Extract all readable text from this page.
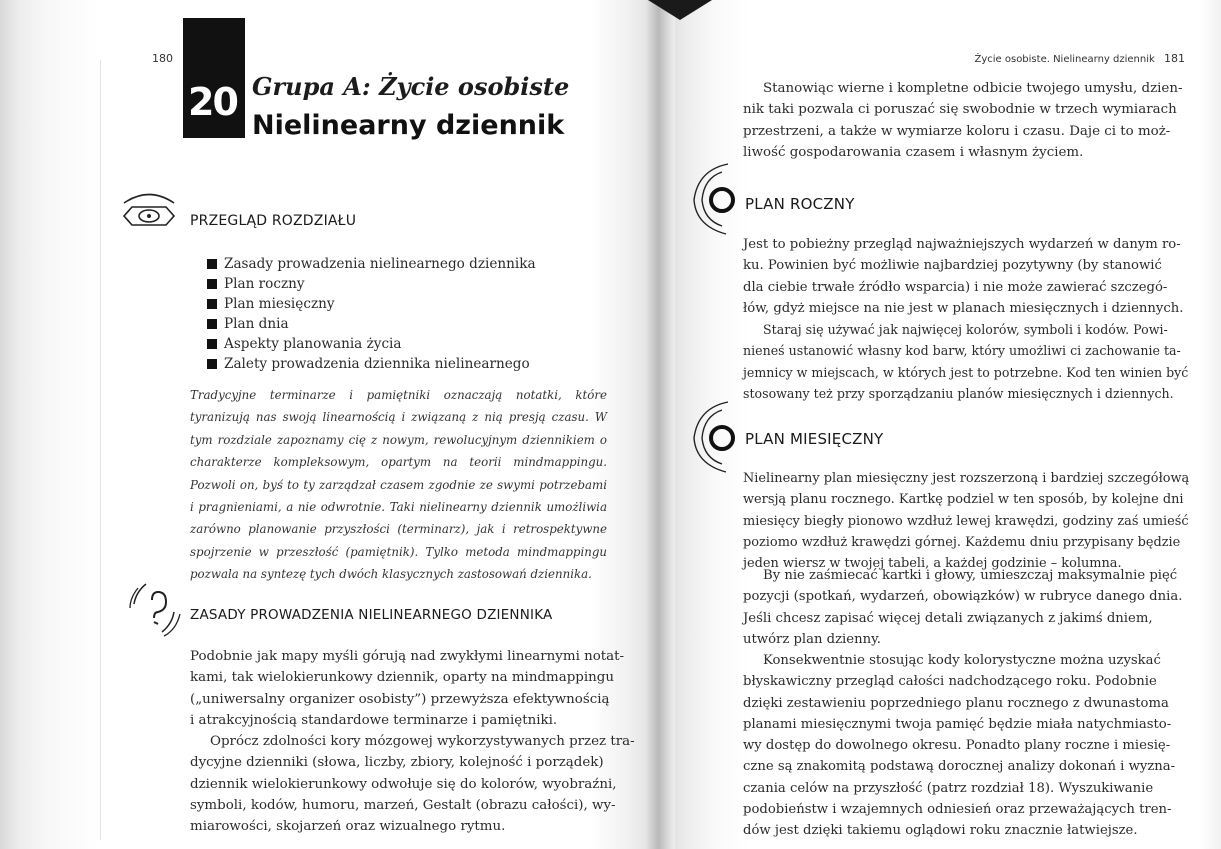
180
20 Grupa A: Życie osobiste
Nielinearny dziennik
PRZEGLĄD ROZDZIAŁU
Zasady prowadzenia nielinearnego dziennika
Plan roczny
Plan miesięczny
Plan dnia
Aspekty planowania życia
Zalety prowadzenia dziennika nielinearnego
Tradycyjne terminarze i pamiętniki oznaczają notatki, które tyranizują nas swoją linearnością i związaną z nią presją czasu. W tym rozdziale zapoznamy cię z nowym, rewolucyjnym dziennikiem o charakterze kompleksowym, opartym na teorii mindmappingu. Pozwoli on, byś to ty zarządzał czasem zgodnie ze swymi potrzebami i pragnieniami, a nie odwrotnie. Taki nielinearny dziennik umożliwia zarówno planowanie przyszłości (terminarz), jak i retrospektywne spojrzenie w przeszłość (pamiętnik). Tylko metoda mindmappingu pozwala na syntezę tych dwóch klasycznych zastosowań dziennika.
ZASADY PROWADZENIA NIELINEARNEGO DZIENNIKA
Podobnie jak mapy myśli górują nad zwykłymi linearnymi notat-
kami, tak wielokierunkowy dziennik, oparty na mindmappingu
(„uniwersalny organizer osobisty”) przewyższa efektywnością
i atrakcyjnością standardowe terminarze i pamiętniki.
Oprócz zdolności kory mózgowej wykorzystywanych przez tra-
dycyjne dzienniki (słowa, liczby, zbiory, kolejność i porządek)
dziennik wielokierunkowy odwołuje się do kolorów, wyobraźni,
symboli, kodów, humoru, marzeń, Gestalt (obrazu całości), wy-
miarowości, skojarzeń oraz wizualnego rytmu.
Życie osobiste. Nielinearny dziennik 181
Stanowiąc wierne i kompletne odbicie twojego umysłu, dzien-
nik taki pozwala ci poruszać się swobodnie w trzech wymiarach
przestrzeni, a także w wymiarze koloru i czasu. Daje ci to moż-
liwość gospodarowania czasem i własnym życiem.
PLAN ROCZNY
Jest to pobieżny przegląd najważniejszych wydarzeń w danym ro-
ku. Powinien być możliwie najbardziej pozytywny (by stanowić
dla ciebie trwałe źródło wsparcia) i nie może zawierać szczegó-
łów, gdyż miejsce na nie jest w planach miesięcznych i dziennych.
Staraj się używać jak najwięcej kolorów, symboli i kodów. Powi-
nieneś ustanowić własny kod barw, który umożliwi ci zachowanie ta-
jemnicy w miejscach, w których jest to potrzebne. Kod ten winien być
stosowany też przy sporządzaniu planów miesięcznych i dziennych.
PLAN MIESIĘCZNY
Nielinearny plan miesięczny jest rozszerzoną i bardziej szczegółową
wersją planu rocznego. Kartkę podziel w ten sposób, by kolejne dni
miesięcy biegły pionowo wzdłuż lewej krawędzi, godziny zaś umieść
poziomo wzdłuż krawędzi górnej. Każdemu dniu przypisany będzie
jeden wiersz w twojej tabeli, a każdej godzinie – kolumna.
By nie zaśmiecać kartki i głowy, umieszczaj maksymalnie pięć
pozycji (spotkań, wydarzeń, obowiązków) w rubryce danego dnia.
Jeśli chcesz zapisać więcej detali związanych z jakimś dniem,
utwórz plan dzienny.
Konsekwentnie stosując kody kolorystyczne można uzyskać
błyskawiczny przegląd całości nadchodzącego roku. Podobnie
dzięki zestawieniu poprzedniego planu rocznego z dwunastoma
planami miesięcznymi twoja pamięć będzie miała natychmiasto-
wy dostęp do dowolnego okresu. Ponadto plany roczne i miesię-
czne są znakomitą podstawą dorocznej analizy dokonań i wyzna-
czania celów na przyszłość (patrz rozdział 18). Wyszukiwanie
podobieństw i wzajemnych odniesień oraz przeważających tren-
dów jest dzięki takiemu oglądowi roku znacznie łatwiejsze.
